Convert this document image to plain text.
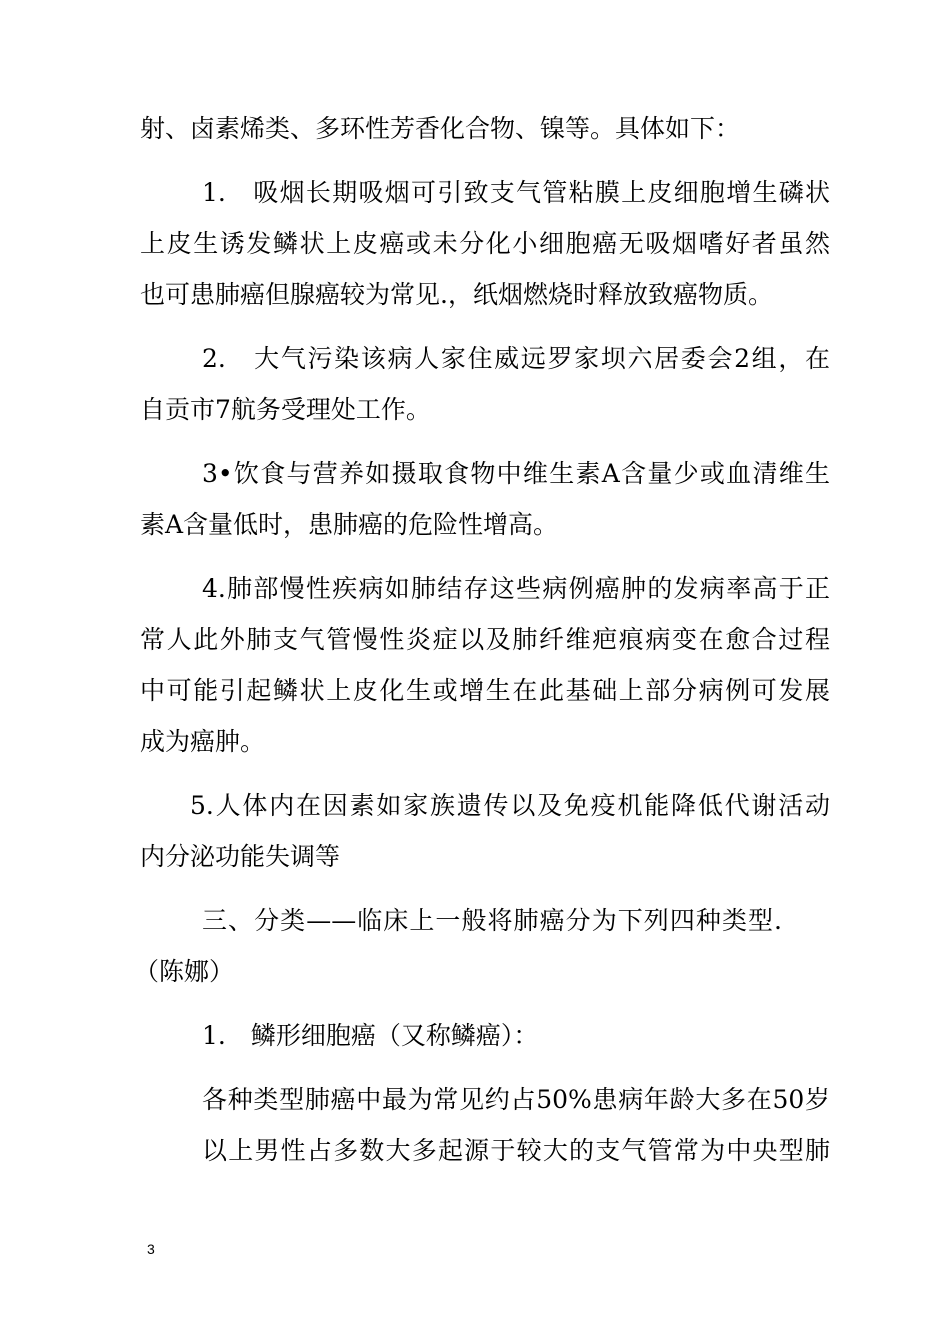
射、卤素烯类、多环性芳香化合物、镍等。具体如下：
1.　吸烟长期吸烟可引致支气管粘膜上皮细胞增生磷状
上皮生诱发鳞状上皮癌或未分化小细胞癌无吸烟嗜好者虽然
也可患肺癌但腺癌较为常见.，纸烟燃烧时释放致癌物质。
2.　大气污染该病人家住威远罗家坝六居委会2组，在
自贡市7航务受理处工作。
3•饮食与营养如摄取食物中维生素A含量少或血清维生
素A含量低时，患肺癌的危险性增高。
4.肺部慢性疾病如肺结存这些病例癌肿的发病率高于正
常人此外肺支气管慢性炎症以及肺纤维疤痕病变在愈合过程
中可能引起鳞状上皮化生或增生在此基础上部分病例可发展
成为癌肿。
5.人体内在因素如家族遗传以及免疫机能降低代谢活动
内分泌功能失调等
三、分类——临床上一般将肺癌分为下列四种类型.
（陈娜）
1.　鳞形细胞癌（又称鳞癌）：
各种类型肺癌中最为常见约占50%患病年龄大多在50岁
以上男性占多数大多起源于较大的支气管常为中央型肺
3
